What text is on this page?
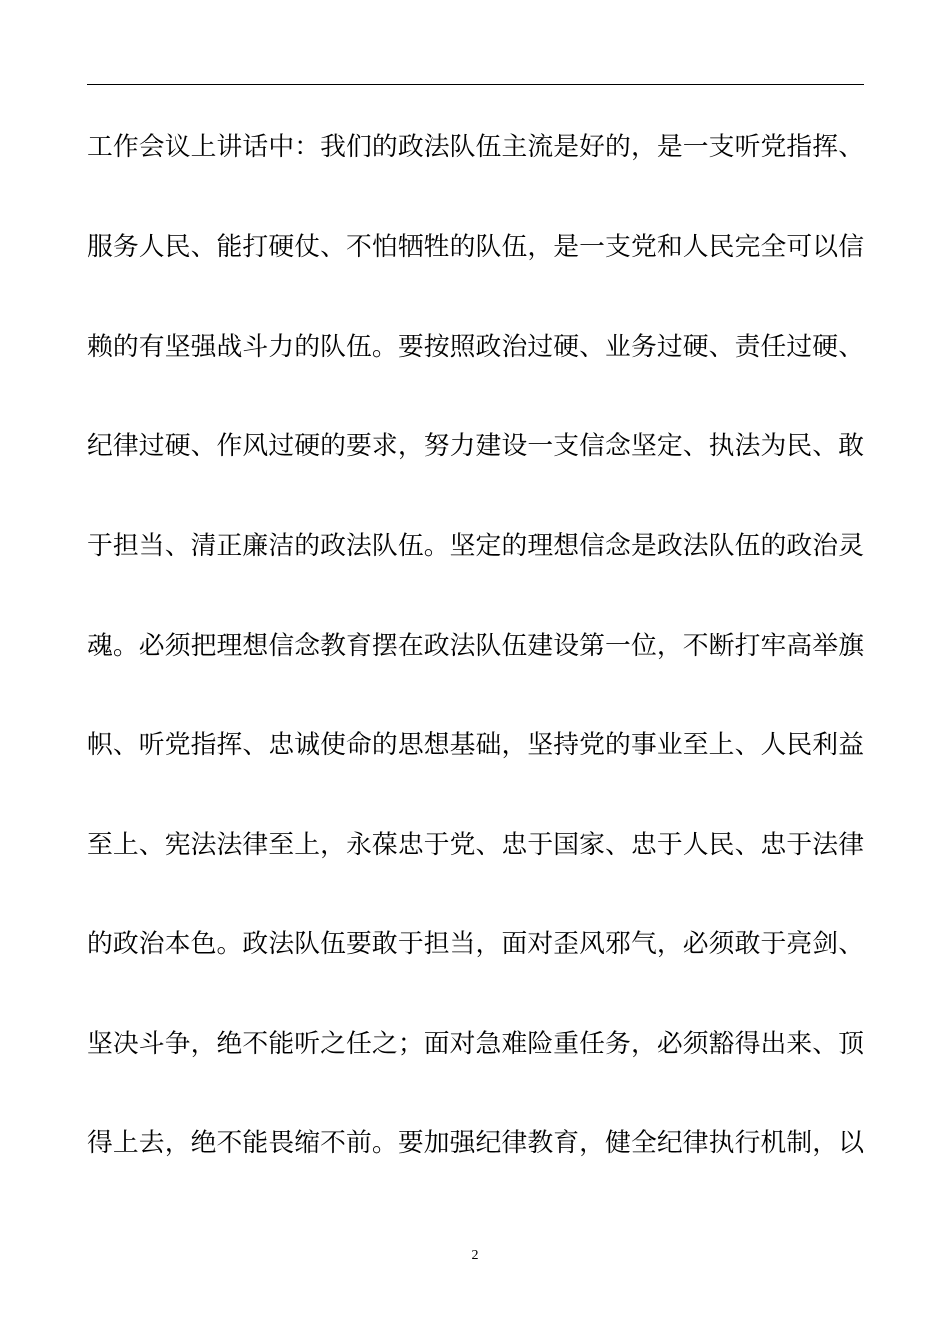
工作会议上讲话中：我们的政法队伍主流是好的，是一支听党指挥、
服务人民、能打硬仗、不怕牺牲的队伍，是一支党和人民完全可以信
赖的有坚强战斗力的队伍。要按照政治过硬、业务过硬、责任过硬、
纪律过硬、作风过硬的要求，努力建设一支信念坚定、执法为民、敢
于担当、清正廉洁的政法队伍。坚定的理想信念是政法队伍的政治灵
魂。必须把理想信念教育摆在政法队伍建设第一位，不断打牢高举旗
帜、听党指挥、忠诚使命的思想基础，坚持党的事业至上、人民利益
至上、宪法法律至上，永葆忠于党、忠于国家、忠于人民、忠于法律
的政治本色。政法队伍要敢于担当，面对歪风邪气，必须敢于亮剑、
坚决斗争，绝不能听之任之；面对急难险重任务，必须豁得出来、顶
得上去，绝不能畏缩不前。要加强纪律教育，健全纪律执行机制，以
2
